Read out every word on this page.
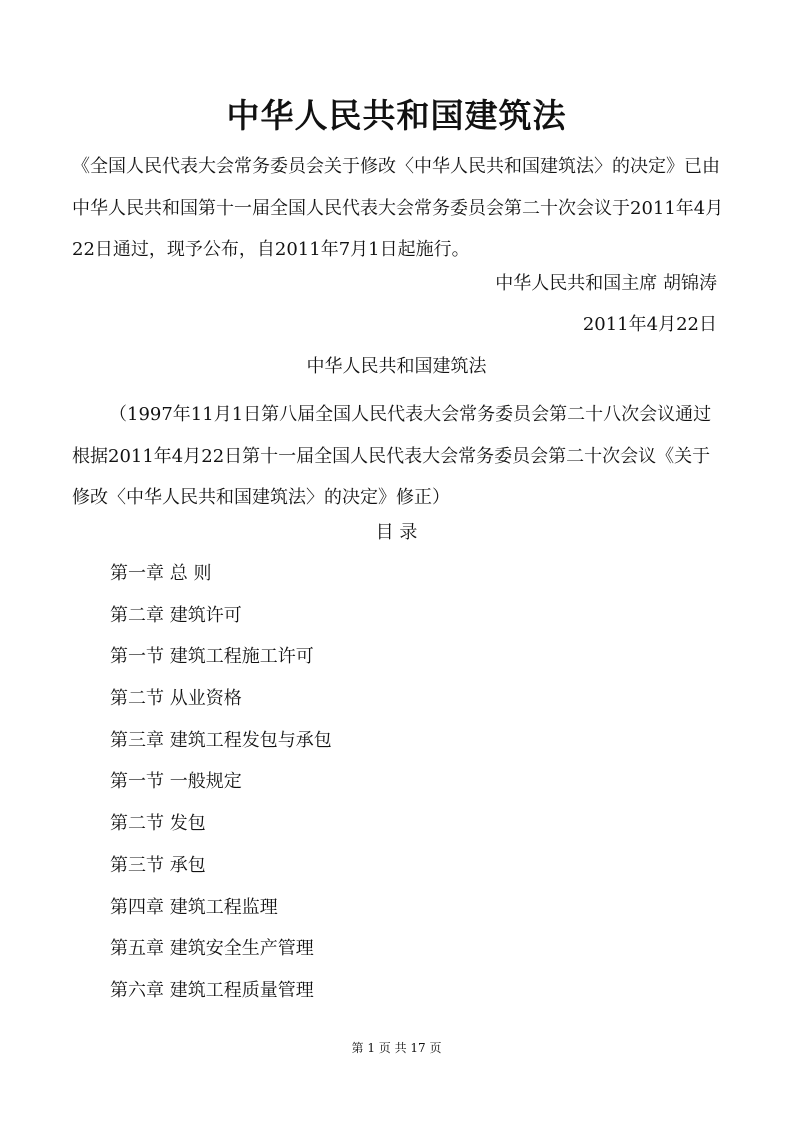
中华人民共和国建筑法
《全国人民代表大会常务委员会关于修改〈中华人民共和国建筑法〉的决定》已由中华人民共和国第十一届全国人民代表大会常务委员会第二十次会议于2011年4月22日通过，现予公布，自2011年7月1日起施行。
中华人民共和国主席 胡锦涛
2011年4月22日
中华人民共和国建筑法
（1997年11月1日第八届全国人民代表大会常务委员会第二十八次会议通过 根据2011年4月22日第十一届全国人民代表大会常务委员会第二十次会议《关于修改〈中华人民共和国建筑法〉的决定》修正）
目 录
第一章 总 则
第二章 建筑许可
第一节 建筑工程施工许可
第二节 从业资格
第三章 建筑工程发包与承包
第一节 一般规定
第二节 发包
第三节 承包
第四章 建筑工程监理
第五章 建筑安全生产管理
第六章 建筑工程质量管理
第 1 页 共 17 页
